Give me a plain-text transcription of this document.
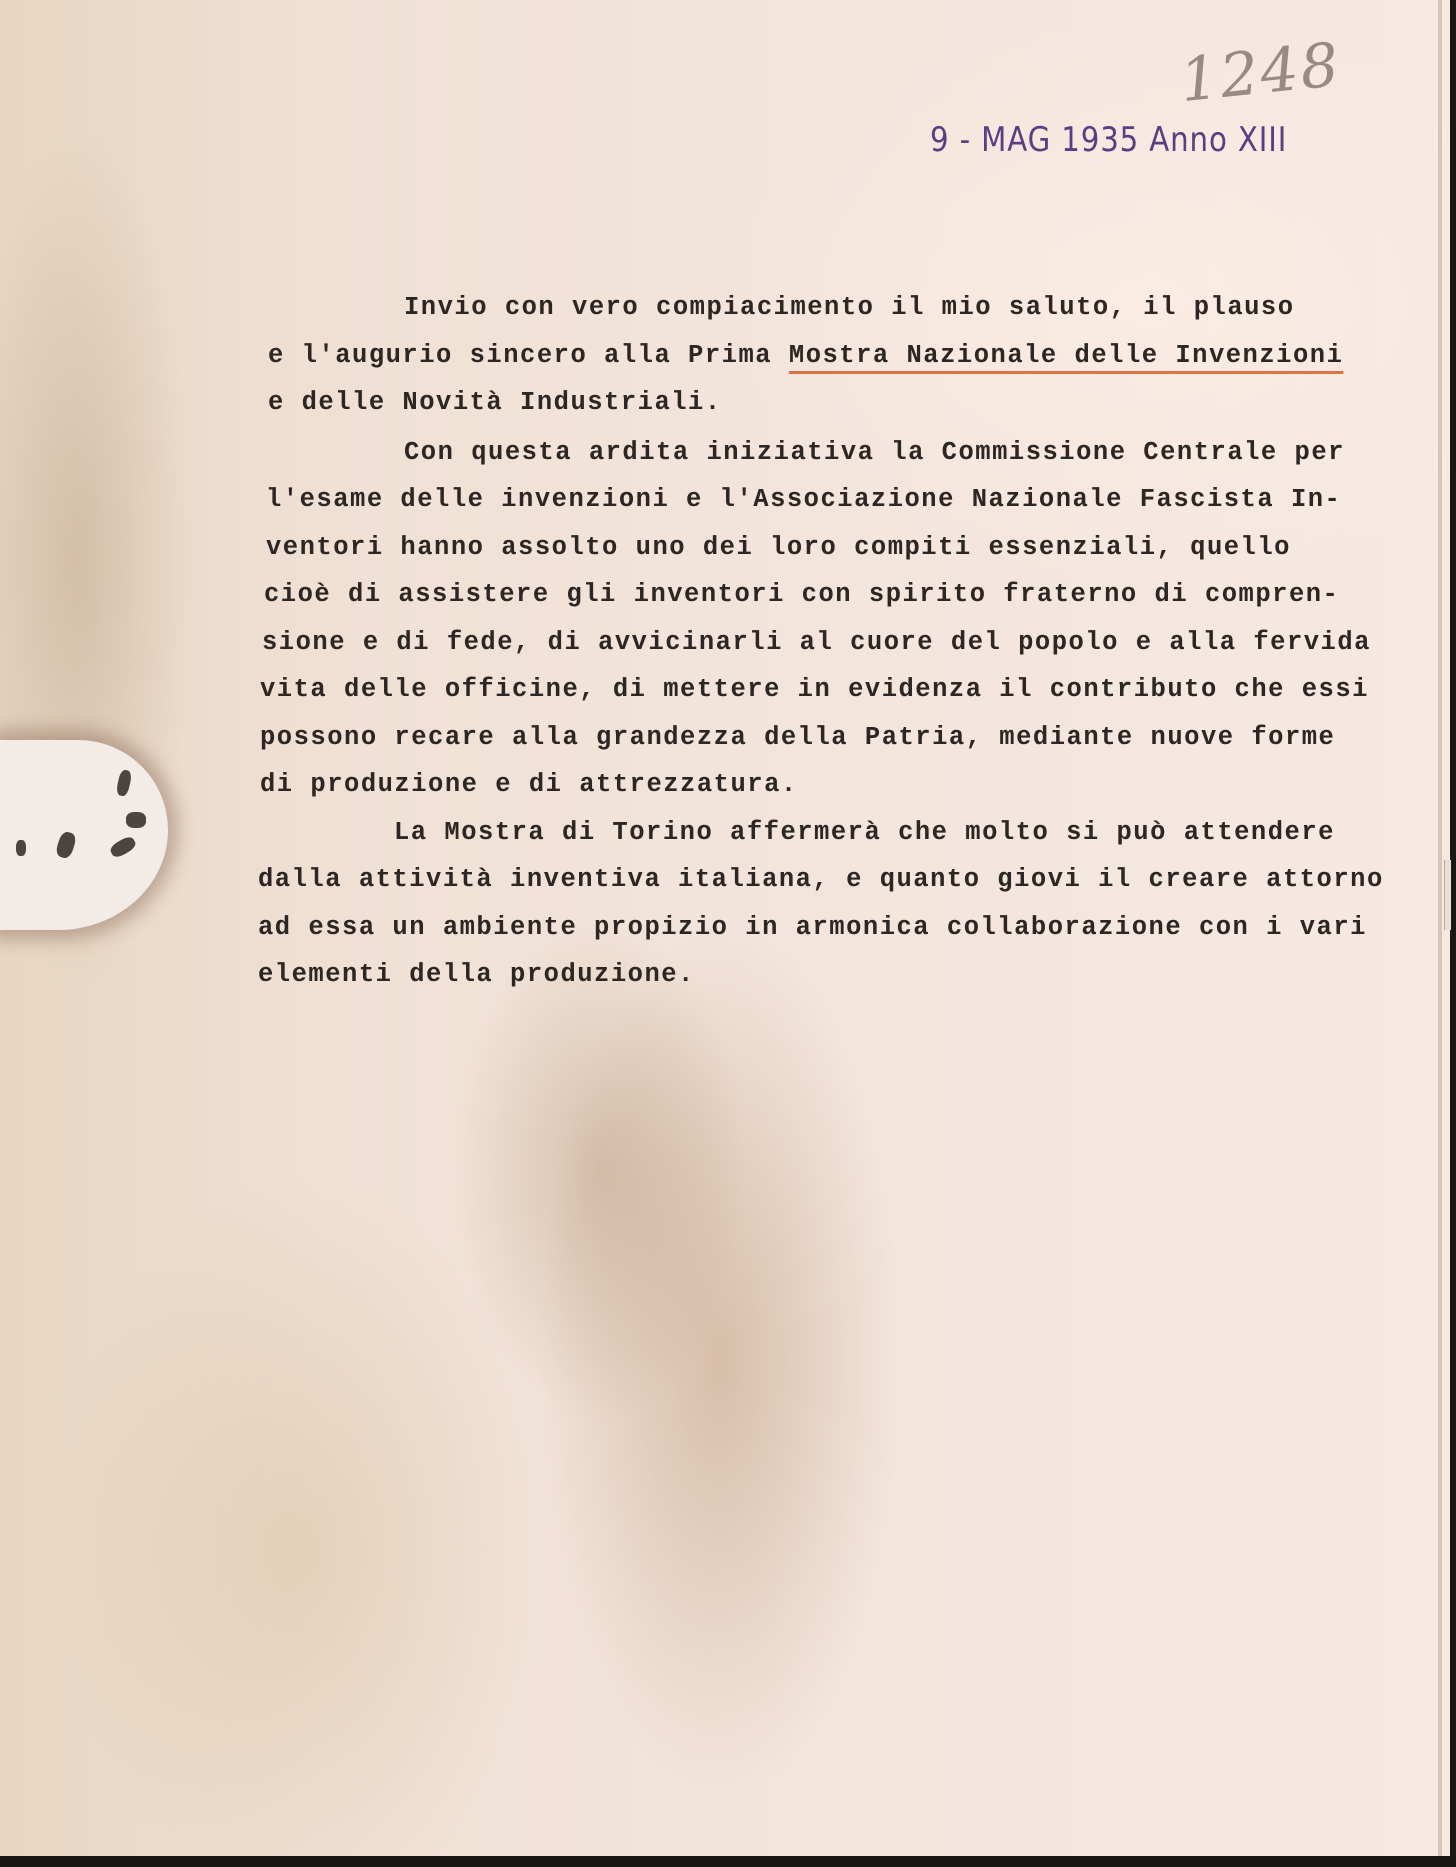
1248
9 - MAG 1935 Anno XIII
Invio con vero compiacimento il mio saluto, il plauso
e l'augurio sincero alla Prima Mostra Nazionale delle Invenzioni
e delle Novità Industriali.
Con questa ardita iniziativa la Commissione Centrale per
l'esame delle invenzioni e l'Associazione Nazionale Fascista In-
ventori hanno assolto uno dei loro compiti essenziali, quello
cioè di assistere gli inventori con spirito fraterno di compren-
sione e di fede, di avvicinarli al cuore del popolo e alla fervida
vita delle officine, di mettere in evidenza il contributo che essi
possono recare alla grandezza della Patria, mediante nuove forme
di produzione e di attrezzatura.
La Mostra di Torino affermerà che molto si può attendere
dalla attività inventiva italiana, e quanto giovi il creare attorno
ad essa un ambiente propizio in armonica collaborazione con i vari
elementi della produzione.
